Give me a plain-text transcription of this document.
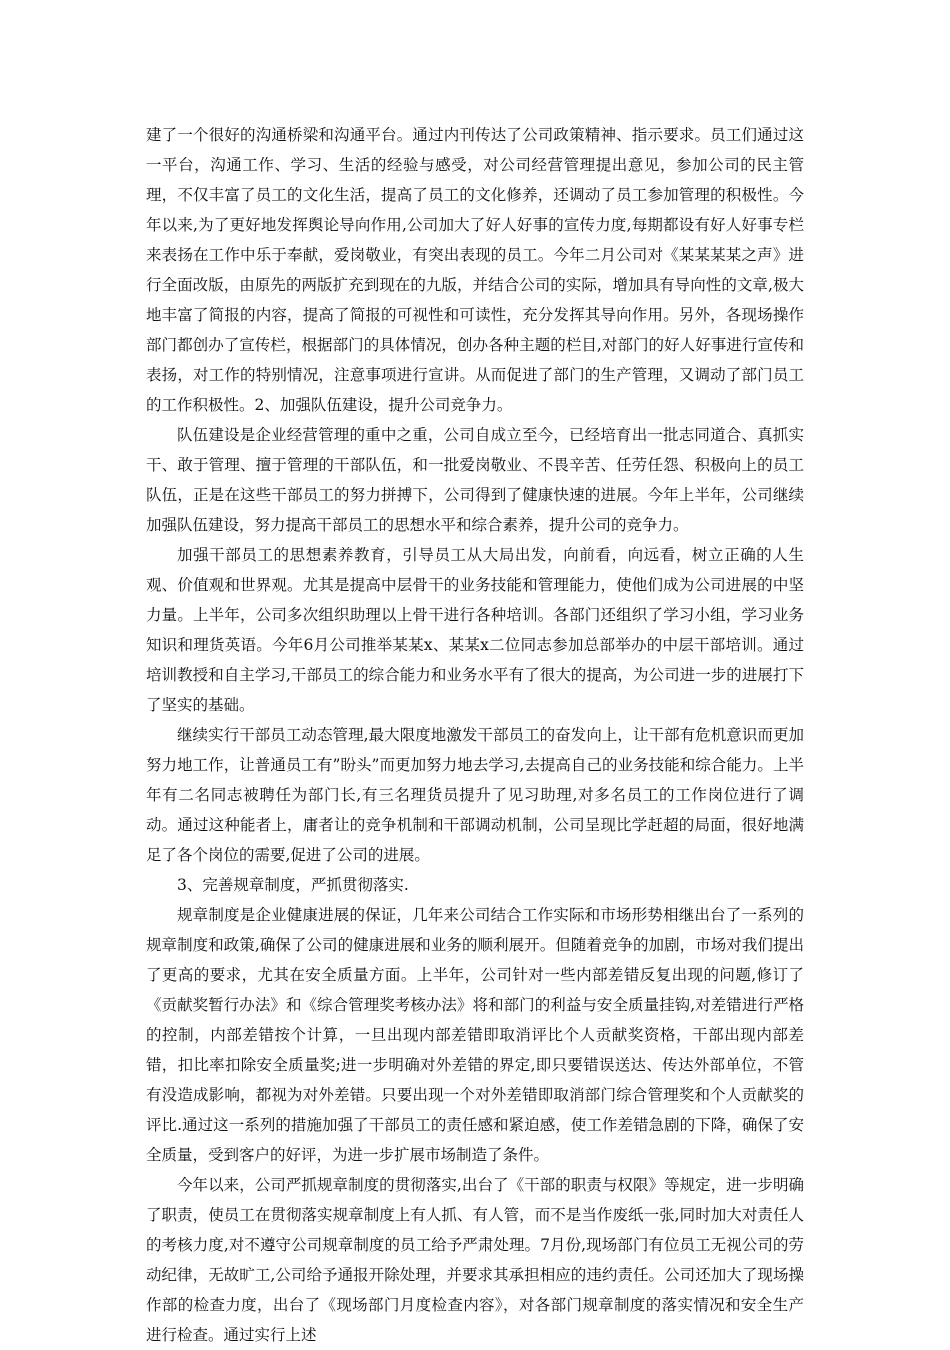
建了一个很好的沟通桥梁和沟通平台。通过内刊传达了公司政策精神、指示要求。员工们通过这一平台，沟通工作、学习、生活的经验与感受，对公司经营管理提出意见，参加公司的民主管理，不仅丰富了员工的文化生活，提高了员工的文化修养，还调动了员工参加管理的积极性。今年以来,为了更好地发挥舆论导向作用,公司加大了好人好事的宣传力度,每期都设有好人好事专栏来表扬在工作中乐于奉献，爱岗敬业，有突出表现的员工。今年二月公司对《某某某某之声》进行全面改版，由原先的两版扩充到现在的九版，并结合公司的实际，增加具有导向性的文章,极大地丰富了简报的内容，提高了简报的可视性和可读性，充分发挥其导向作用。另外，各现场操作部门都创办了宣传栏，根据部门的具体情况，创办各种主题的栏目,对部门的好人好事进行宣传和表扬，对工作的特别情况，注意事项进行宣讲。从而促进了部门的生产管理，又调动了部门员工的工作积极性。2、加强队伍建设，提升公司竞争力。

队伍建设是企业经营管理的重中之重，公司自成立至今，已经培育出一批志同道合、真抓实干、敢于管理、擅于管理的干部队伍，和一批爱岗敬业、不畏辛苦、任劳任怨、积极向上的员工队伍，正是在这些干部员工的努力拼搏下，公司得到了健康快速的进展。今年上半年，公司继续加强队伍建设，努力提高干部员工的思想水平和综合素养，提升公司的竞争力。

加强干部员工的思想素养教育，引导员工从大局出发，向前看，向远看，树立正确的人生观、价值观和世界观。尤其是提高中层骨干的业务技能和管理能力，使他们成为公司进展的中坚力量。上半年，公司多次组织助理以上骨干进行各种培训。各部门还组织了学习小组，学习业务知识和理货英语。今年6月公司推举某某x、某某x二位同志参加总部举办的中层干部培训。通过培训教授和自主学习,干部员工的综合能力和业务水平有了很大的提高，为公司进一步的进展打下了坚实的基础。

继续实行干部员工动态管理,最大限度地激发干部员工的奋发向上，让干部有危机意识而更加努力地工作，让普通员工有”盼头”而更加努力地去学习,去提高自己的业务技能和综合能力。上半年有二名同志被聘任为部门长,有三名理货员提升了见习助理,对多名员工的工作岗位进行了调动。通过这种能者上，庸者让的竞争机制和干部调动机制，公司呈现比学赶超的局面，很好地满足了各个岗位的需要,促进了公司的进展。

3、完善规章制度，严抓贯彻落实.

规章制度是企业健康进展的保证，几年来公司结合工作实际和市场形势相继出台了一系列的规章制度和政策,确保了公司的健康进展和业务的顺利展开。但随着竞争的加剧，市场对我们提出了更高的要求，尤其在安全质量方面。上半年，公司针对一些内部差错反复出现的问题,修订了《贡献奖暂行办法》和《综合管理奖考核办法》将和部门的利益与安全质量挂钩,对差错进行严格的控制，内部差错按个计算，一旦出现内部差错即取消评比个人贡献奖资格，干部出现内部差错，扣比率扣除安全质量奖;进一步明确对外差错的界定,即只要错误送达、传达外部单位，不管有没造成影响，都视为对外差错。只要出现一个对外差错即取消部门综合管理奖和个人贡献奖的评比.通过这一系列的措施加强了干部员工的责任感和紧迫感，使工作差错急剧的下降，确保了安全质量，受到客户的好评，为进一步扩展市场制造了条件。

今年以来，公司严抓规章制度的贯彻落实,出台了《干部的职责与权限》等规定，进一步明确了职责，使员工在贯彻落实规章制度上有人抓、有人管，而不是当作废纸一张,同时加大对责任人的考核力度,对不遵守公司规章制度的员工给予严肃处理。7月份,现场部门有位员工无视公司的劳动纪律，无故旷工,公司给予通报开除处理，并要求其承担相应的违约责任。公司还加大了现场操作部的检查力度，出台了《现场部门月度检查内容》，对各部门规章制度的落实情况和安全生产进行检查。通过实行上述
